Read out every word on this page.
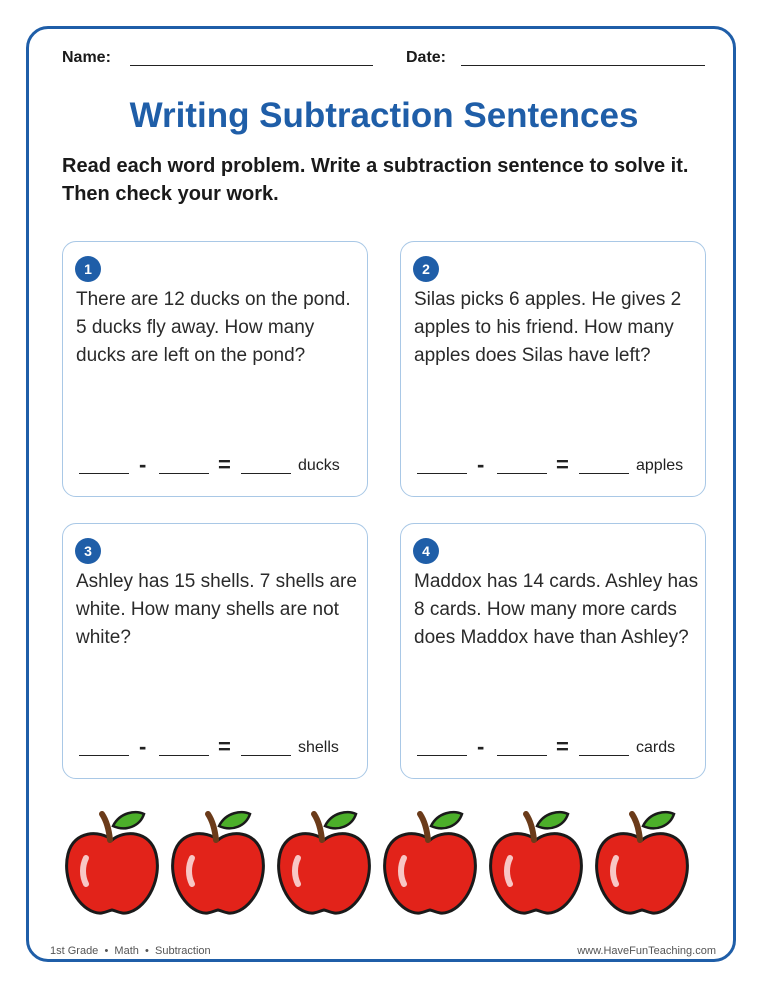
Name:	Date:
Writing Subtraction Sentences
Read each word problem. Write a subtraction sentence to solve it. Then check your work.
1
There are 12 ducks on the pond. 5 ducks fly away. How many ducks are left on the pond?
-	=	ducks
2
Silas picks 6 apples. He gives 2 apples to his friend. How many apples does Silas have left?
-	=	apples
3
Ashley has 15 shells. 7 shells are white. How many shells are not white?
-	=	shells
4
Maddox has 14 cards. Ashley has 8 cards. How many more cards does Maddox have than Ashley?
-	=	cards
1st Grade • Math • Subtraction	www.HaveFunTeaching.com
